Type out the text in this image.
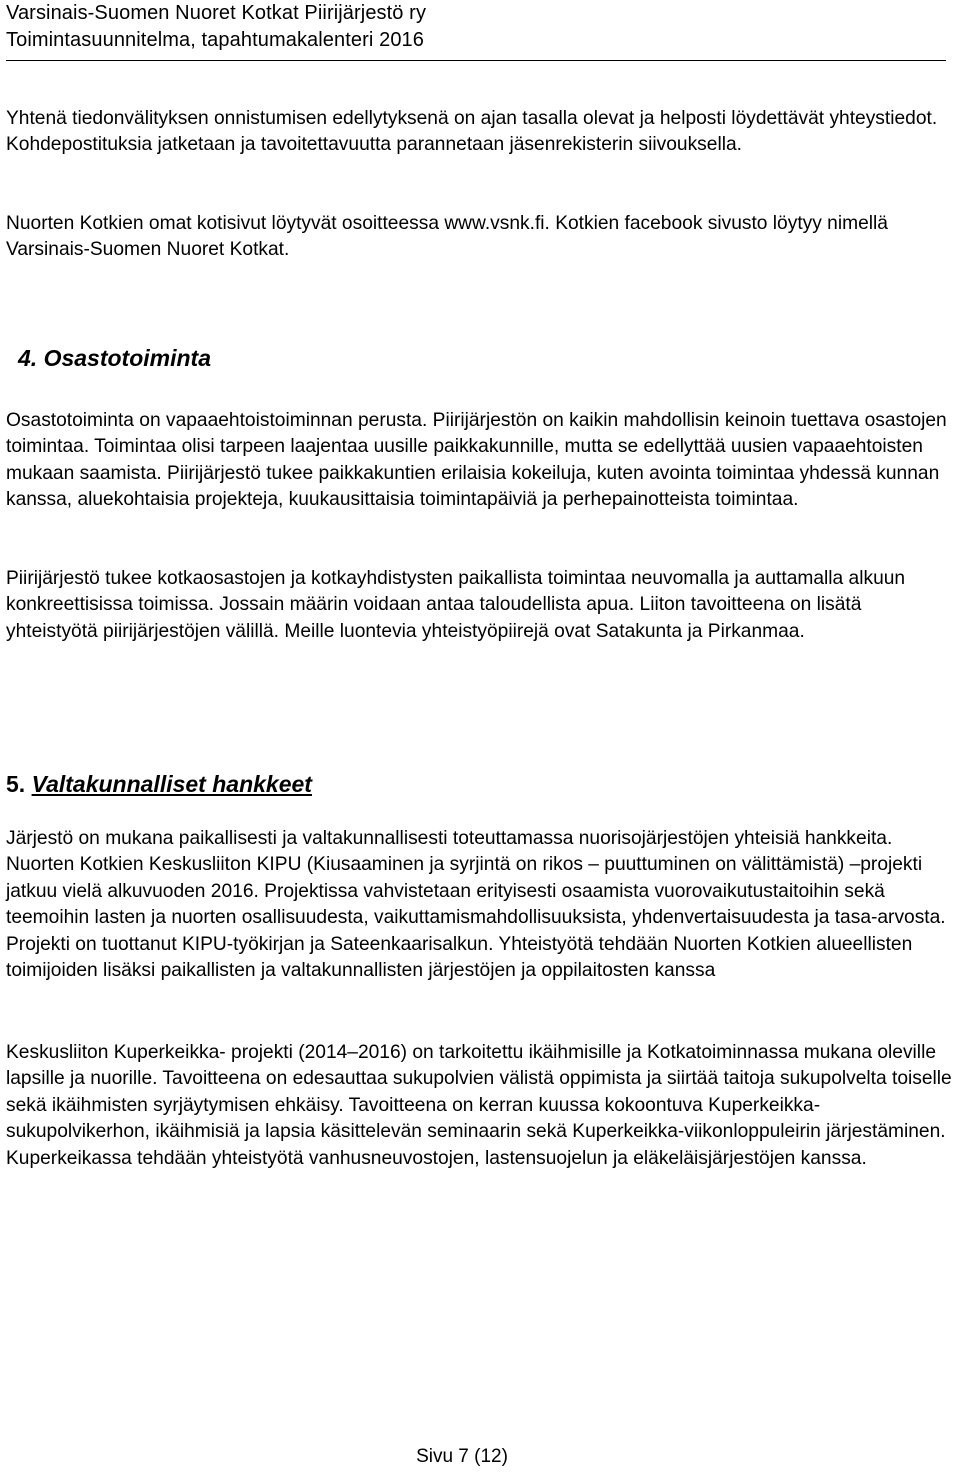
Varsinais-Suomen Nuoret Kotkat Piirijärjestö ry
Toimintasuunnitelma, tapahtumakalenteri 2016

Yhtenä tiedonvälityksen onnistumisen edellytyksenä on ajan tasalla olevat ja helposti löydettävät yhteystiedot. Kohdepostituksia jatketaan ja tavoitettavuutta parannetaan jäsenrekisterin siivouksella.

Nuorten Kotkien omat kotisivut löytyvät osoitteessa www.vsnk.fi. Kotkien facebook sivusto löytyy nimellä Varsinais-Suomen Nuoret Kotkat.

4. Osastotoiminta

Osastotoiminta on vapaaehtoistoiminnan perusta. Piirijärjestön on kaikin mahdollisin keinoin tuettava osastojen toimintaa. Toimintaa olisi tarpeen laajentaa uusille paikkakunnille, mutta se edellyttää uusien vapaaehtoisten mukaan saamista. Piirijärjestö tukee paikkakuntien erilaisia kokeiluja, kuten avointa toimintaa yhdessä kunnan kanssa, aluekohtaisia projekteja, kuukausittaisia toimintapäiviä ja perhepainotteista toimintaa.

Piirijärjestö tukee kotkaosastojen ja kotkayhdistysten paikallista toimintaa neuvomalla ja auttamalla alkuun konkreettisissa toimissa. Jossain määrin voidaan antaa taloudellista apua. Liiton tavoitteena on lisätä yhteistyötä piirijärjestöjen välillä. Meille luontevia yhteistyöpiirejä ovat Satakunta ja Pirkanmaa.

5. Valtakunnalliset hankkeet

Järjestö on mukana paikallisesti ja valtakunnallisesti toteuttamassa nuorisojärjestöjen yhteisiä hankkeita. Nuorten Kotkien Keskusliiton KIPU (Kiusaaminen ja syrjintä on rikos – puuttuminen on välittämistä) –projekti jatkuu vielä alkuvuoden 2016. Projektissa vahvistetaan erityisesti osaamista vuorovaikutustaitoihin sekä teemoihin lasten ja nuorten osallisuudesta, vaikuttamismahdollisuuksista, yhdenvertaisuudesta ja tasa-arvosta. Projekti on tuottanut KIPU-työkirjan ja Sateenkaarisalkun. Yhteistyötä tehdään Nuorten Kotkien alueellisten toimijoiden lisäksi paikallisten ja valtakunnallisten järjestöjen ja oppilaitosten kanssa

Keskusliiton Kuperkeikka- projekti (2014–2016) on tarkoitettu ikäihmisille ja Kotkatoiminnassa mukana oleville lapsille ja nuorille. Tavoitteena on edesauttaa sukupolvien välistä oppimista ja siirtää taitoja sukupolvelta toiselle sekä ikäihmisten syrjäytymisen ehkäisy. Tavoitteena on kerran kuussa kokoontuva Kuperkeikka-sukupolvikerhon, ikäihmisiä ja lapsia käsittelevän seminaarin sekä Kuperkeikka-viikonloppuleirin järjestäminen. Kuperkeikassa tehdään yhteistyötä vanhusneuvostojen, lastensuojelun ja eläkeläisjärjestöjen kanssa.

Sivu 7 (12)
